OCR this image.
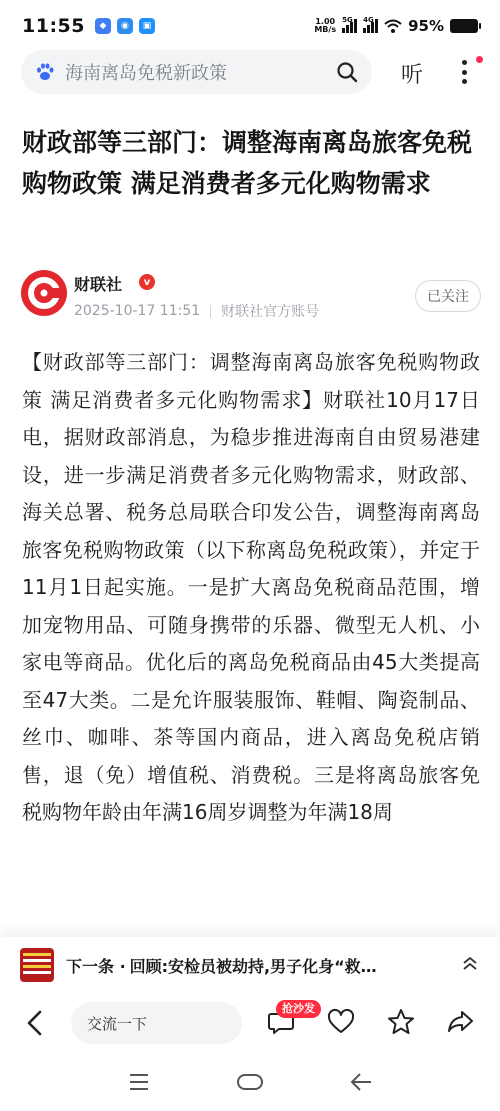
11:55	◆	◉	▣	1.00
MB/s
5G 4G 95%
海南离岛免税新政策	听
财政部等三部门：调整海南离岛旅客免税购物政策 满足消费者多元化购物需求
财联社	v
2025-10-17 11:51 财联社官方账号
已关注
【财政部等三部门：调整海南离岛旅客免税购物政策 满足消费者多元化购物需求】财联社10月17日电，据财政部消息，为稳步推进海南自由贸易港建设，进一步满足消费者多元化购物需求，财政部、海关总署、税务总局联合印发公告，调整海南离岛旅客免税购物政策（以下称离岛免税政策），并定于11月1日起实施。一是扩大离岛免税商品范围，增加宠物用品、可随身携带的乐器、微型无人机、小家电等商品。优化后的离岛免税商品由45大类提高至47大类。二是允许服装服饰、鞋帽、陶瓷制品、丝巾、咖啡、茶等国内商品，进入离岛免税店销售，退（免）增值税、消费税。三是将离岛旅客免税购物年龄由年满16周岁调整为年满18周
下一条 · 回顾:安检员被劫持,男子化身“救…
交流一下
抢沙发
